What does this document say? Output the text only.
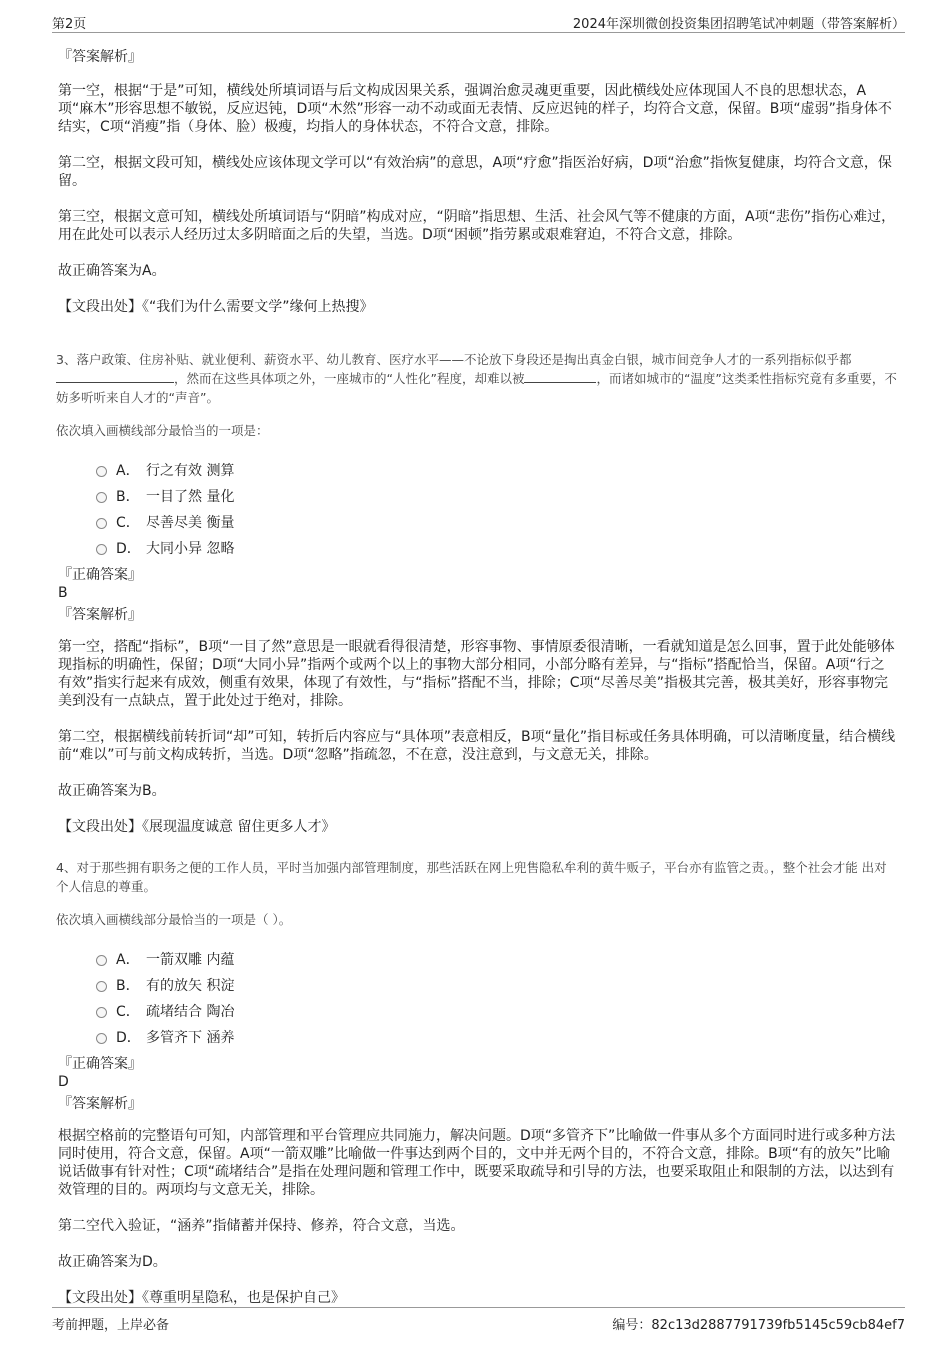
第2页	2024年深圳微创投资集团招聘笔试冲刺题（带答案解析）
『答案解析』
第一空，根据“于是”可知，横线处所填词语与后文构成因果关系，强调治愈灵魂更重要，因此横线处应体现国人不良的思想状态，A项“麻木”形容思想不敏锐，反应迟钝，D项“木然”形容一动不动或面无表情、反应迟钝的样子，均符合文意，保留。B项“虚弱”指身体不结实，C项“消瘦”指（身体、脸）极瘦，均指人的身体状态，不符合文意，排除。
第二空，根据文段可知，横线处应该体现文学可以“有效治病”的意思，A项“疗愈”指医治好病，D项“治愈”指恢复健康，均符合文意，保留。
第三空，根据文意可知，横线处所填词语与“阴暗”构成对应，“阴暗”指思想、生活、社会风气等不健康的方面，A项“悲伤”指伤心难过，用在此处可以表示人经历过太多阴暗面之后的失望，当选。D项“困顿”指劳累或艰难窘迫，不符合文意，排除。
故正确答案为A。
【文段出处】《“我们为什么需要文学”缘何上热搜》
3、落户政策、住房补贴、就业便利、薪资水平、幼儿教育、医疗水平——不论放下身段还是掏出真金白银，城市间竞争人才的一系列指标似乎都，然而在这些具体项之外，一座城市的“人性化”程度，却难以被	，而诸如城市的“温度”这类柔性指标究竟有多重要，不妨多听听来自人才的“声音”。
依次填入画横线部分最恰当的一项是：
A． 行之有效 测算
B． 一目了然 量化
C． 尽善尽美 衡量
D． 大同小异 忽略
『正确答案』
B
『答案解析』
第一空，搭配“指标”，B项“一目了然”意思是一眼就看得很清楚，形容事物、事情原委很清晰，一看就知道是怎么回事，置于此处能够体现指标的明确性，保留；D项“大同小异”指两个或两个以上的事物大部分相同，小部分略有差异，与“指标”搭配恰当，保留。A项“行之有效”指实行起来有成效，侧重有效果，体现了有效性，与“指标”搭配不当，排除；C项“尽善尽美”指极其完善，极其美好，形容事物完美到没有一点缺点，置于此处过于绝对，排除。
第二空，根据横线前转折词“却”可知，转折后内容应与“具体项”表意相反，B项“量化”指目标或任务具体明确，可以清晰度量，结合横线前“难以”可与前文构成转折，当选。D项“忽略”指疏忽，不在意，没注意到，与文意无关，排除。
故正确答案为B。
【文段出处】《展现温度诚意 留住更多人才》
4、对于那些拥有职务之便的工作人员，平时当加强内部管理制度，那些活跃在网上兜售隐私牟利的黄牛贩子，平台亦有监管之责。，整个社会才能 出对个人信息的尊重。
依次填入画横线部分最恰当的一项是（ ）。
A． 一箭双雕 内蕴
B． 有的放矢 积淀
C． 疏堵结合 陶冶
D． 多管齐下 涵养
『正确答案』
D
『答案解析』
根据空格前的完整语句可知，内部管理和平台管理应共同施力，解决问题。D项“多管齐下”比喻做一件事从多个方面同时进行或多种方法同时使用，符合文意，保留。A项“一箭双雕”比喻做一件事达到两个目的，文中并无两个目的，不符合文意，排除。B项“有的放矢”比喻说话做事有针对性；C项“疏堵结合”是指在处理问题和管理工作中，既要采取疏导和引导的方法，也要采取阻止和限制的方法，以达到有效管理的目的。两项均与文意无关，排除。
第二空代入验证，“涵养”指储蓄并保持、修养，符合文意，当选。
故正确答案为D。
【文段出处】《尊重明星隐私，也是保护自己》
考前押题，上岸必备	编号：82c13d2887791739fb5145c59cb84ef7
